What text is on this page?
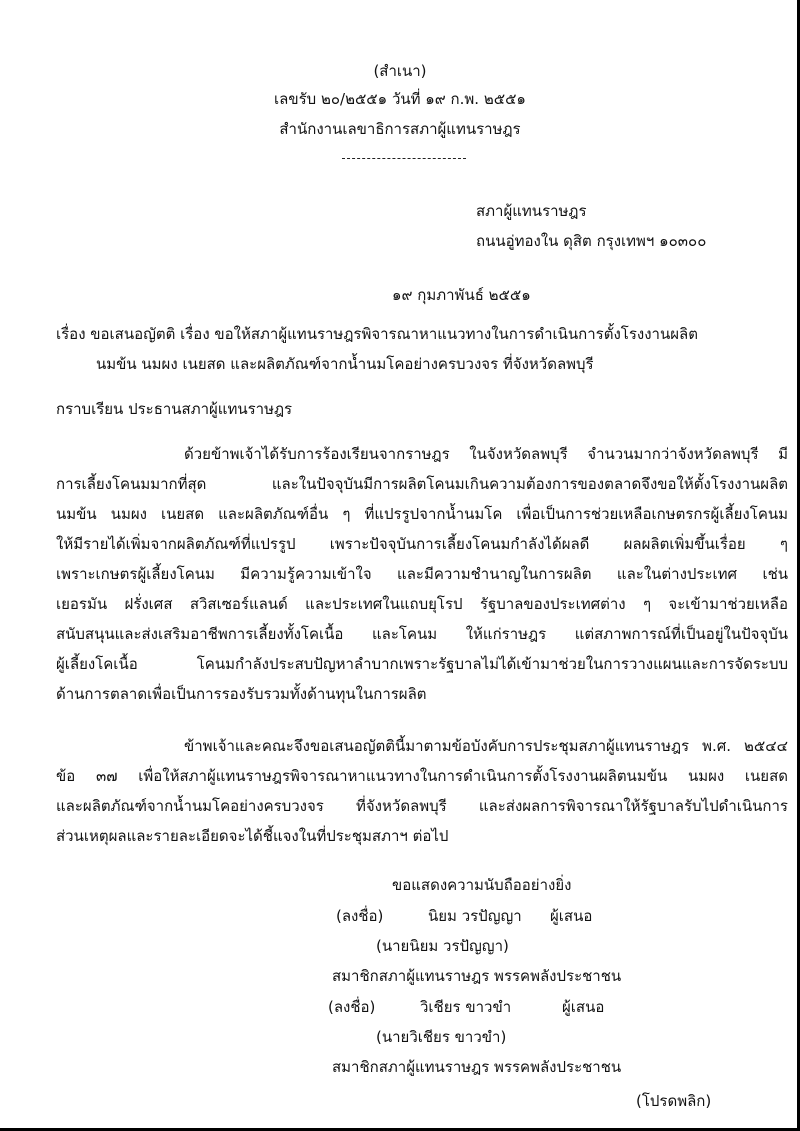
(สำเนา)
เลขรับ ๒๐/๒๕๕๑ วันที่ ๑๙ ก.พ. ๒๕๕๑
สำนักงานเลขาธิการสภาผู้แทนราษฎร
สภาผู้แทนราษฎร
ถนนอู่ทองใน ดุสิต กรุงเทพฯ ๑๐๓๐๐
๑๙ กุมภาพันธ์ ๒๕๕๑
เรื่อง ขอเสนอญัตติ เรื่อง ขอให้สภาผู้แทนราษฎรพิจารณาหาแนวทางในการดำเนินการตั้งโรงงานผลิต
นมข้น นมผง เนยสด และผลิตภัณฑ์จากน้ำนมโคอย่างครบวงจร ที่จังหวัดลพบุรี
กราบเรียน ประธานสภาผู้แทนราษฎร
ด้วยข้าพเจ้าได้รับการร้องเรียนจากราษฎร ในจังหวัดลพบุรี จำนวนมากว่าจังหวัดลพบุรี มี
การเลี้ยงโคนมมากที่สุด และในปัจจุบันมีการผลิตโคนมเกินความต้องการของตลาดจึงขอให้ตั้งโรงงานผลิต
นมข้น นมผง เนยสด และผลิตภัณฑ์อื่น ๆ ที่แปรรูปจากน้ำนมโค เพื่อเป็นการช่วยเหลือเกษตรกรผู้เลี้ยงโคนม
ให้มีรายได้เพิ่มจากผลิตภัณฑ์ที่แปรรูป เพราะปัจจุบันการเลี้ยงโคนมกำลังได้ผลดี ผลผลิตเพิ่มขึ้นเรื่อย ๆ
เพราะเกษตรผู้เลี้ยงโคนม มีความรู้ความเข้าใจ และมีความชำนาญในการผลิต และในต่างประเทศ เช่น
เยอรมัน ฝรั่งเศส สวิสเซอร์แลนด์ และประเทศในแถบยุโรป รัฐบาลของประเทศต่าง ๆ จะเข้ามาช่วยเหลือ
สนับสนุนและส่งเสริมอาชีพการเลี้ยงทั้งโคเนื้อ และโคนม ให้แก่ราษฎร แต่สภาพการณ์ที่เป็นอยู่ในปัจจุบัน
ผู้เลี้ยงโคเนื้อ โคนมกำลังประสบปัญหาลำบากเพราะรัฐบาลไม่ได้เข้ามาช่วยในการวางแผนและการจัดระบบ
ด้านการตลาดเพื่อเป็นการรองรับรวมทั้งด้านทุนในการผลิต
ข้าพเจ้าและคณะจึงขอเสนอญัตตินี้มาตามข้อบังคับการประชุมสภาผู้แทนราษฎร พ.ศ. ๒๕๔๔
ข้อ ๓๗ เพื่อให้สภาผู้แทนราษฎรพิจารณาหาแนวทางในการดำเนินการตั้งโรงงานผลิตนมข้น นมผง เนยสด
และผลิตภัณฑ์จากน้ำนมโคอย่างครบวงจร ที่จังหวัดลพบุรี และส่งผลการพิจารณาให้รัฐบาลรับไปดำเนินการ
ส่วนเหตุผลและรายละเอียดจะได้ชี้แจงในที่ประชุมสภาฯ ต่อไป
ขอแสดงความนับถืออย่างยิ่ง
(ลงชื่อ)	นิยม วรปัญญา ผู้เสนอ
(นายนิยม วรปัญญา)
สมาชิกสภาผู้แทนราษฎร พรรคพลังประชาชน
(ลงชื่อ)	วิเชียร ขาวขำ	ผู้เสนอ
(นายวิเชียร ขาวขำ)
สมาชิกสภาผู้แทนราษฎร พรรคพลังประชาชน
(โปรดพลิก)
